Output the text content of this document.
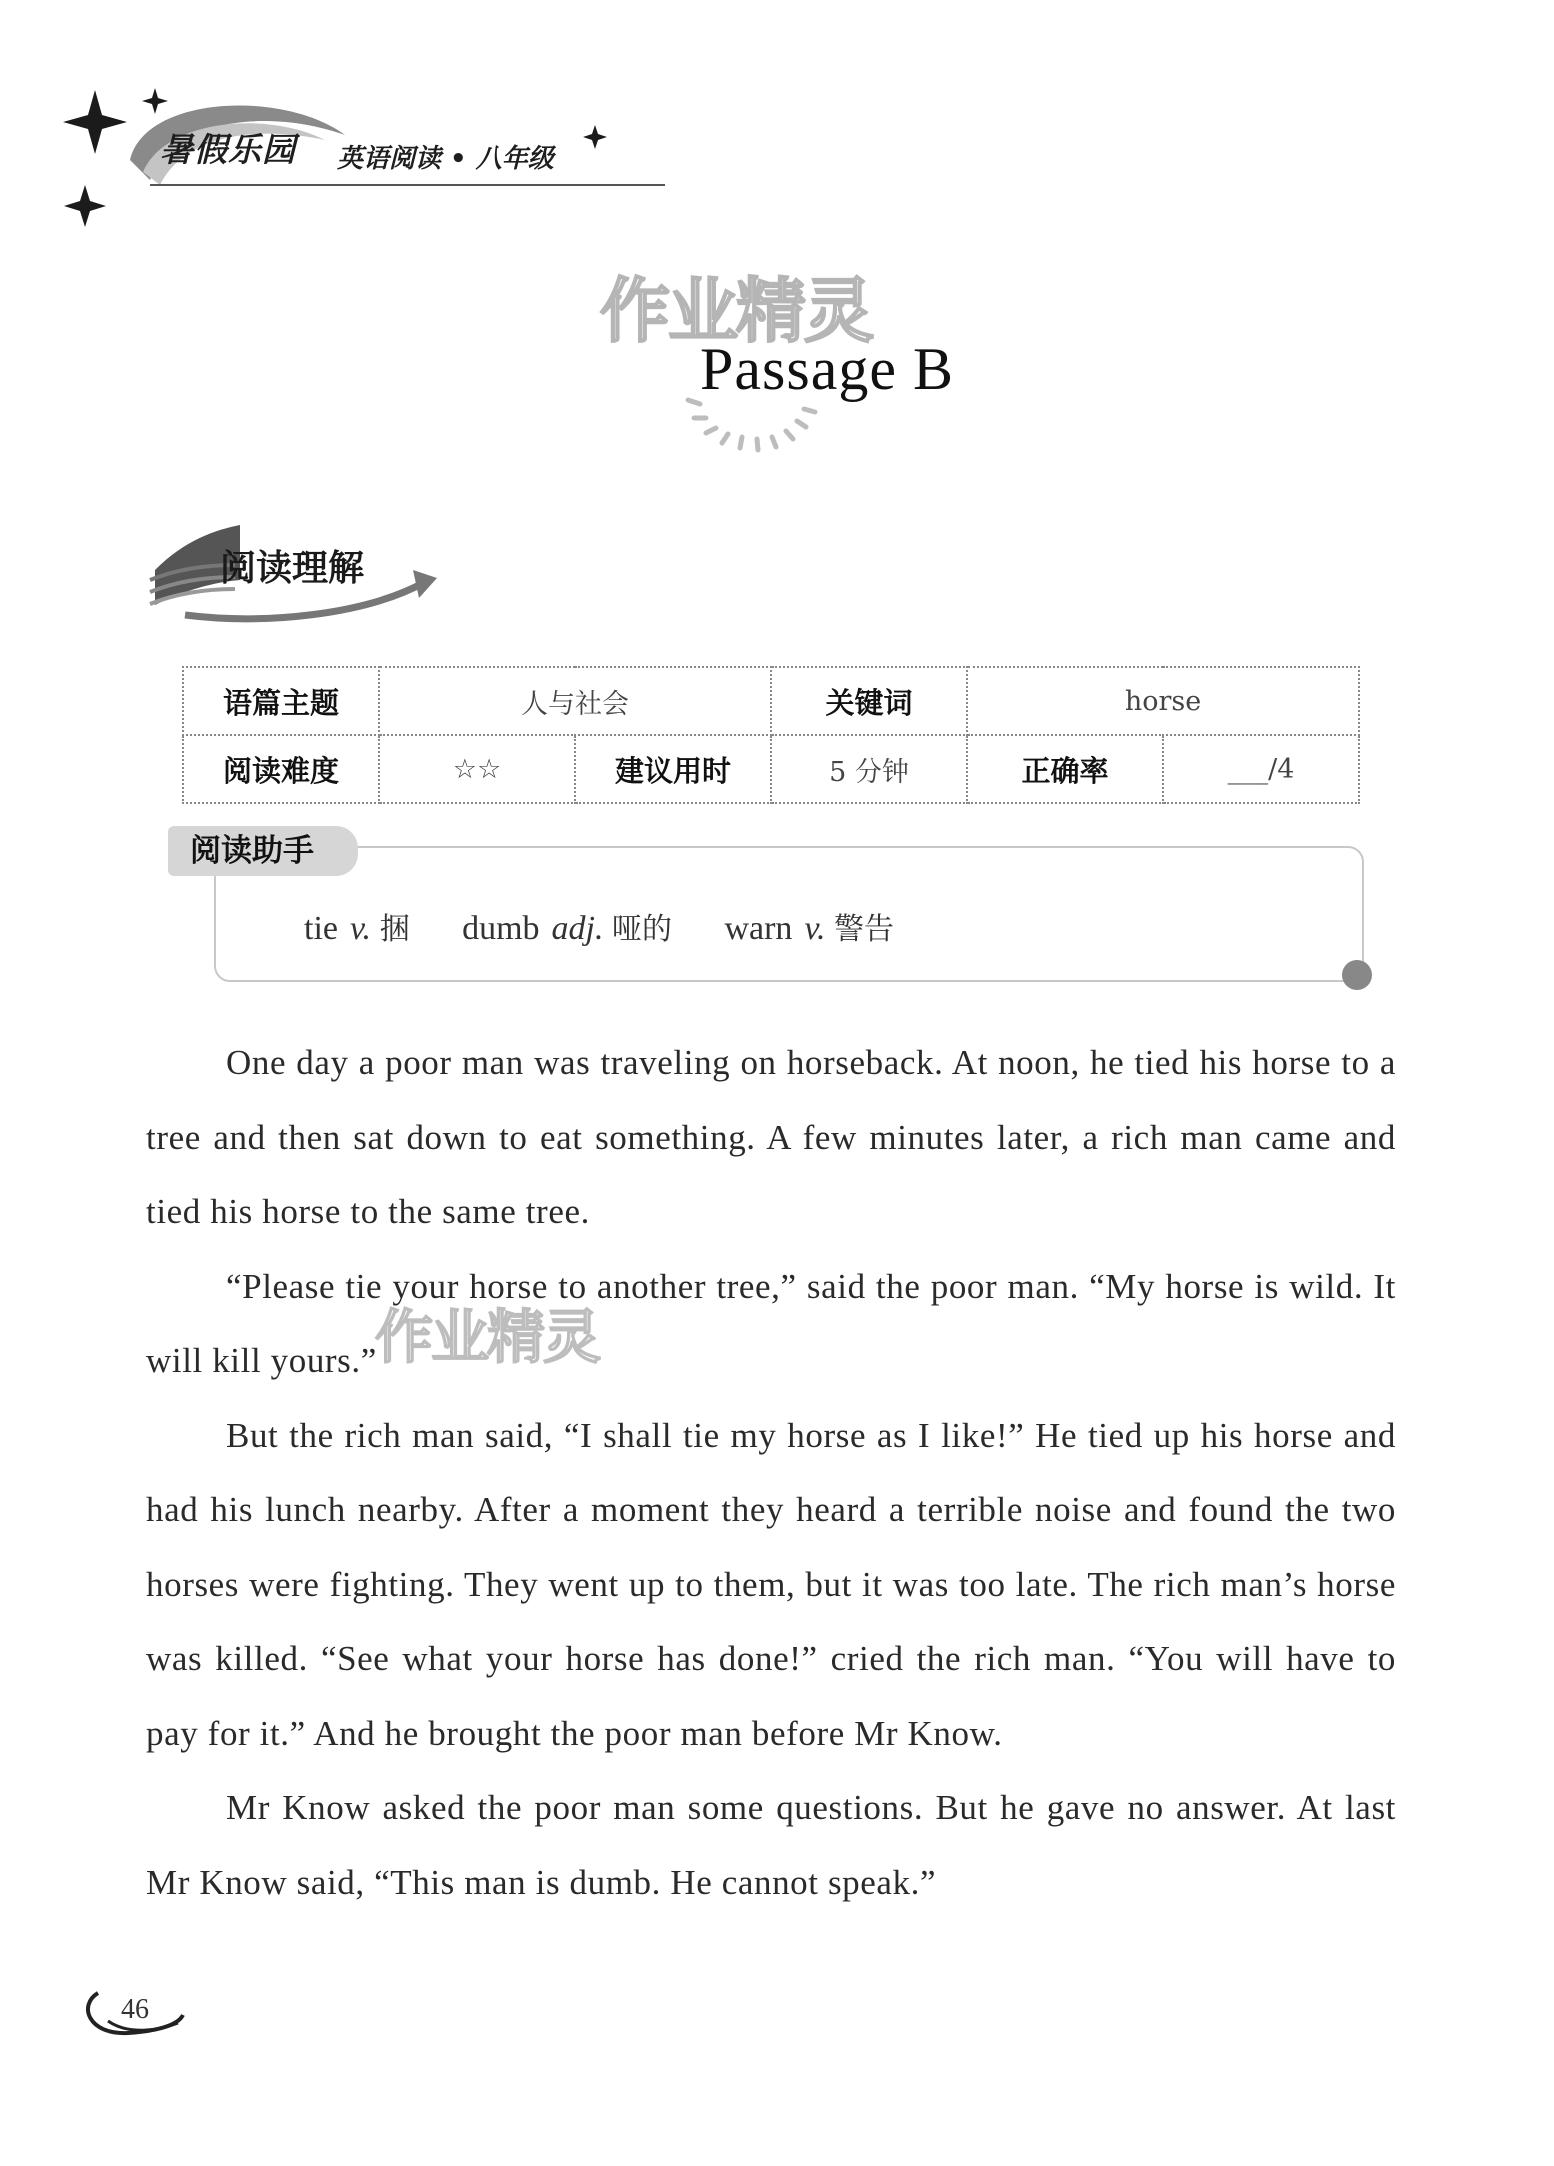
暑假乐园 英语阅读 • 八年级
作业精灵
Passage B
阅读理解
语篇主题	人与社会		关键词	horse	
阅读难度	☆☆	建议用时	5 分钟	正确率	___/4
阅读助手
tie v. 捆 dumb adj. 哑的 warn v. 警告

One day a poor man was traveling on horseback. At noon, he tied his horse to a tree and then sat down to eat something. A few minutes later, a rich man came and tied his horse to the same tree.

“Please tie your horse to another tree,” said the poor man. “My horse is wild. It will kill yours.”

But the rich man said, “I shall tie my horse as I like!” He tied up his horse and had his lunch nearby. After a moment they heard a terrible noise and found the two horses were fighting. They went up to them, but it was too late. The rich man’s horse was killed. “See what your horse has done!” cried the rich man. “You will have to pay for it.” And he brought the poor man before Mr Know.

Mr Know asked the poor man some questions. But he gave no answer. At last Mr Know said, “This man is dumb. He cannot speak.”

作业精灵
46
